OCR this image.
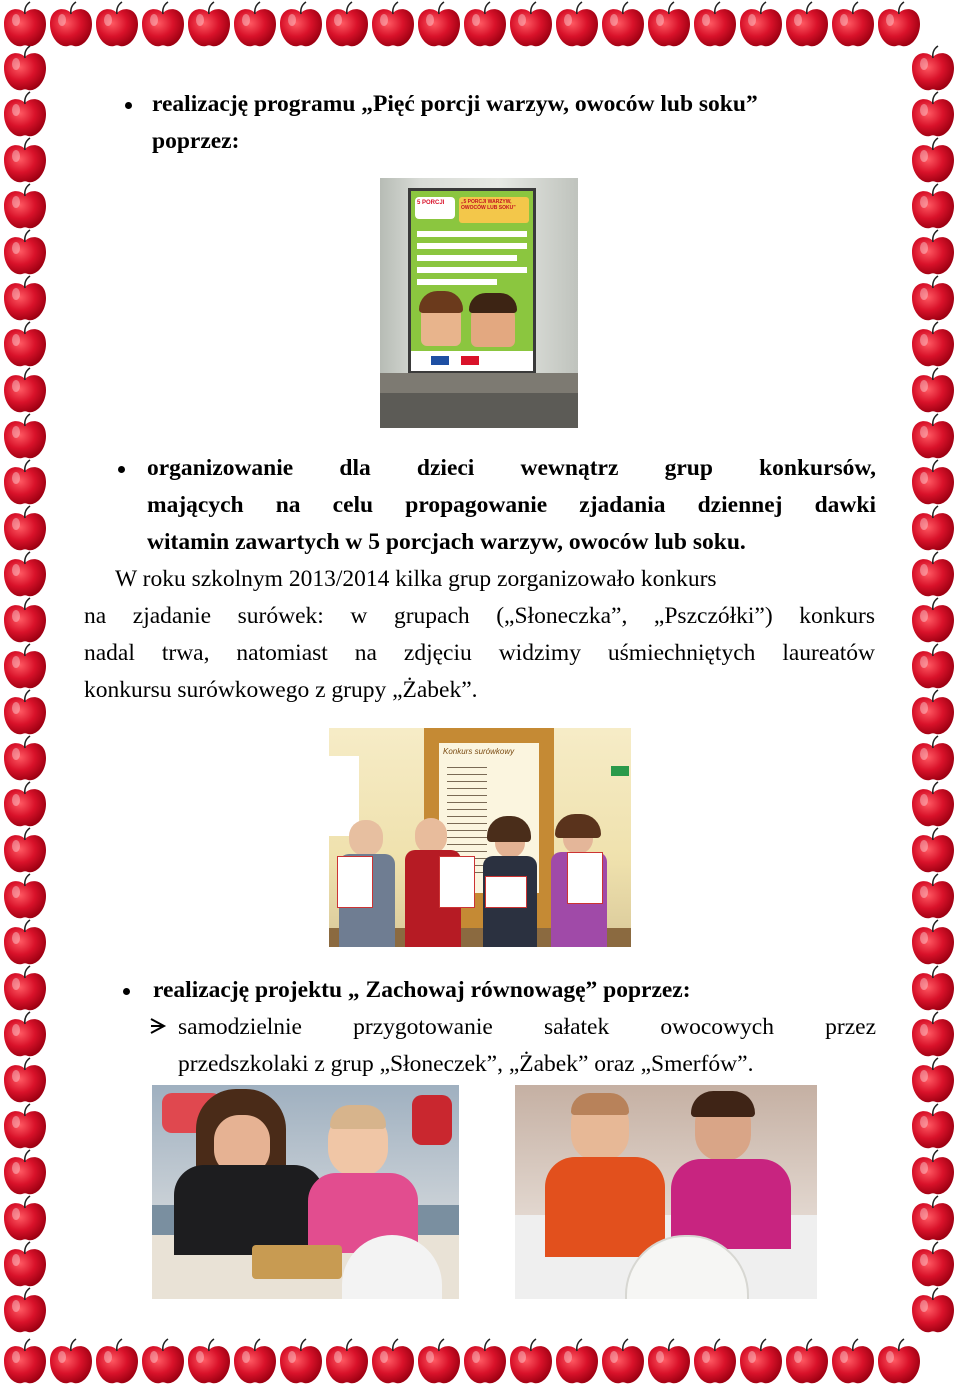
realizację programu „Pięć porcji warzyw, owoców lub soku”
poprzez:
5 PORCJI	„5 PORCJI WARZYW, OWOCÓW LUB SOKU”
organizowanie dla dzieci wewnątrz grup konkursów,
mających na celu propagowanie zjadania dziennej dawki
witamin zawartych w 5 porcjach warzyw, owoców lub soku.
W roku szkolnym 2013/2014 kilka grup zorganizowało konkurs
na zjadanie surówek: w grupach („Słoneczka”, „Pszczółki”) konkurs
nadal trwa, natomiast na zdjęciu widzimy uśmiechniętych laureatów
konkursu surówkowego z grupy „Żabek”.
Konkurs surówkowy
realizację projektu „ Zachowaj równowagę” poprzez:
samodzielnie przygotowanie sałatek owocowych przez
przedszkolaki z grup „Słoneczek”, „Żabek” oraz „Smerfów”.
